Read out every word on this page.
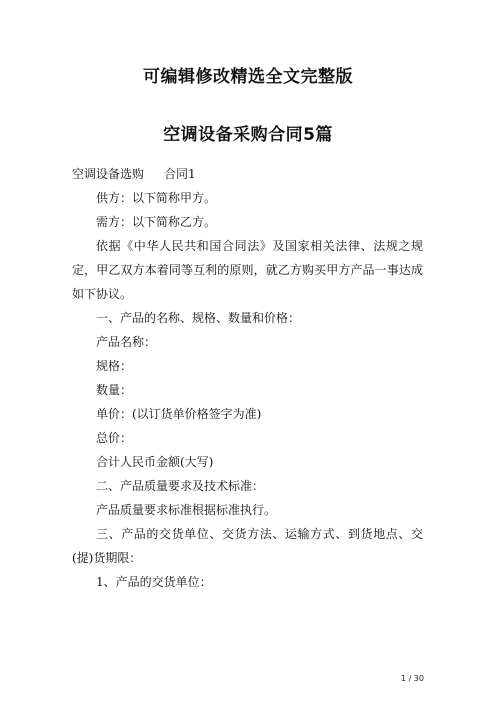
可编辑修改精选全文完整版
空调设备采购合同5篇

空调设备选购 合同1

供方：以下简称甲方。

需方：以下简称乙方。

依据《中华人民共和国合同法》及国家相关法律、法规之规定，甲乙双方本着同等互利的原则，就乙方购买甲方产品一事达成如下协议。

一、产品的名称、规格、数量和价格：

产品名称：

规格：

数量：

单价：(以订货单价格签字为准)

总价：

合计人民币金额(大写)

二、产品质量要求及技术标准：

产品质量要求标准根据标准执行。

三、产品的交货单位、交货方法、运输方式、到货地点、交(提)货期限：

1、产品的交货单位：

1 / 30
